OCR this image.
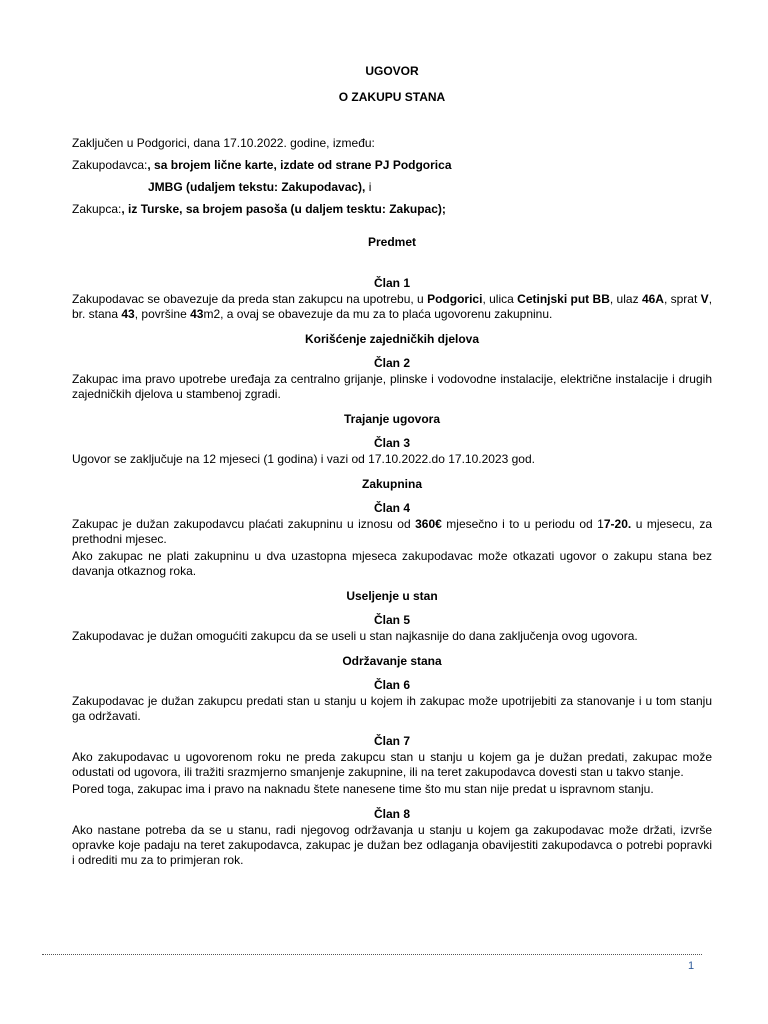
UGOVOR
O ZAKUPU STANA

Zaključen u Podgorici, dana 17.10.2022. godine, između:

Zakupodavca:, sa brojem lične karte, izdate od strane PJ Podgorica

JMBG (udaljem tekstu: Zakupodavac), i

Zakupca:, iz Turske, sa brojem pasoša (u daljem tesktu: Zakupac);

Predmet
Član 1

Zakupodavac se obavezuje da preda stan zakupcu na upotrebu, u Podgorici, ulica Cetinjski put BB, ulaz 46A, sprat V, br. stana 43, površine 43m2, a ovaj se obavezuje da mu za to plaća ugovorenu zakupninu.

Korišćenje zajedničkih djelova
Član 2

Zakupac ima pravo upotrebe uređaja za centralno grijanje, plinske i vodovodne instalacije, električne instalacije i drugih zajedničkih djelova u stambenoj zgradi.

Trajanje ugovora
Član 3

Ugovor se zaključuje na 12 mjeseci (1 godina) i vazi od 17.10.2022.do 17.10.2023 god.

Zakupnina
Član 4

Zakupac je dužan zakupodavcu plaćati zakupninu u iznosu od 360€ mjesečno i to u periodu od 17-20. u mjesecu, za prethodni mjesec.

Ako zakupac ne plati zakupninu u dva uzastopna mjeseca zakupodavac može otkazati ugovor o zakupu stana bez davanja otkaznog roka.

Useljenje u stan
Član 5

Zakupodavac je dužan omogućiti zakupcu da se useli u stan najkasnije do dana zaključenja ovog ugovora.

Održavanje stana
Član 6

Zakupodavac je dužan zakupcu predati stan u stanju u kojem ih zakupac može upotrijebiti za stanovanje i u tom stanju ga održavati.

Član 7

Ako zakupodavac u ugovorenom roku ne preda zakupcu stan u stanju u kojem ga je dužan predati, zakupac može odustati od ugovora, ili tražiti srazmjerno smanjenje zakupnine, ili na teret zakupodavca dovesti stan u takvo stanje.

Pored toga, zakupac ima i pravo na naknadu štete nanesene time što mu stan nije predat u ispravnom stanju.

Član 8

Ako nastane potreba da se u stanu, radi njegovog održavanja u stanju u kojem ga zakupodavac može držati, izvrše opravke koje padaju na teret zakupodavca, zakupac je dužan bez odlaganja obavijestiti zakupodavca o potrebi popravki i odrediti mu za to primjeran rok.

1
